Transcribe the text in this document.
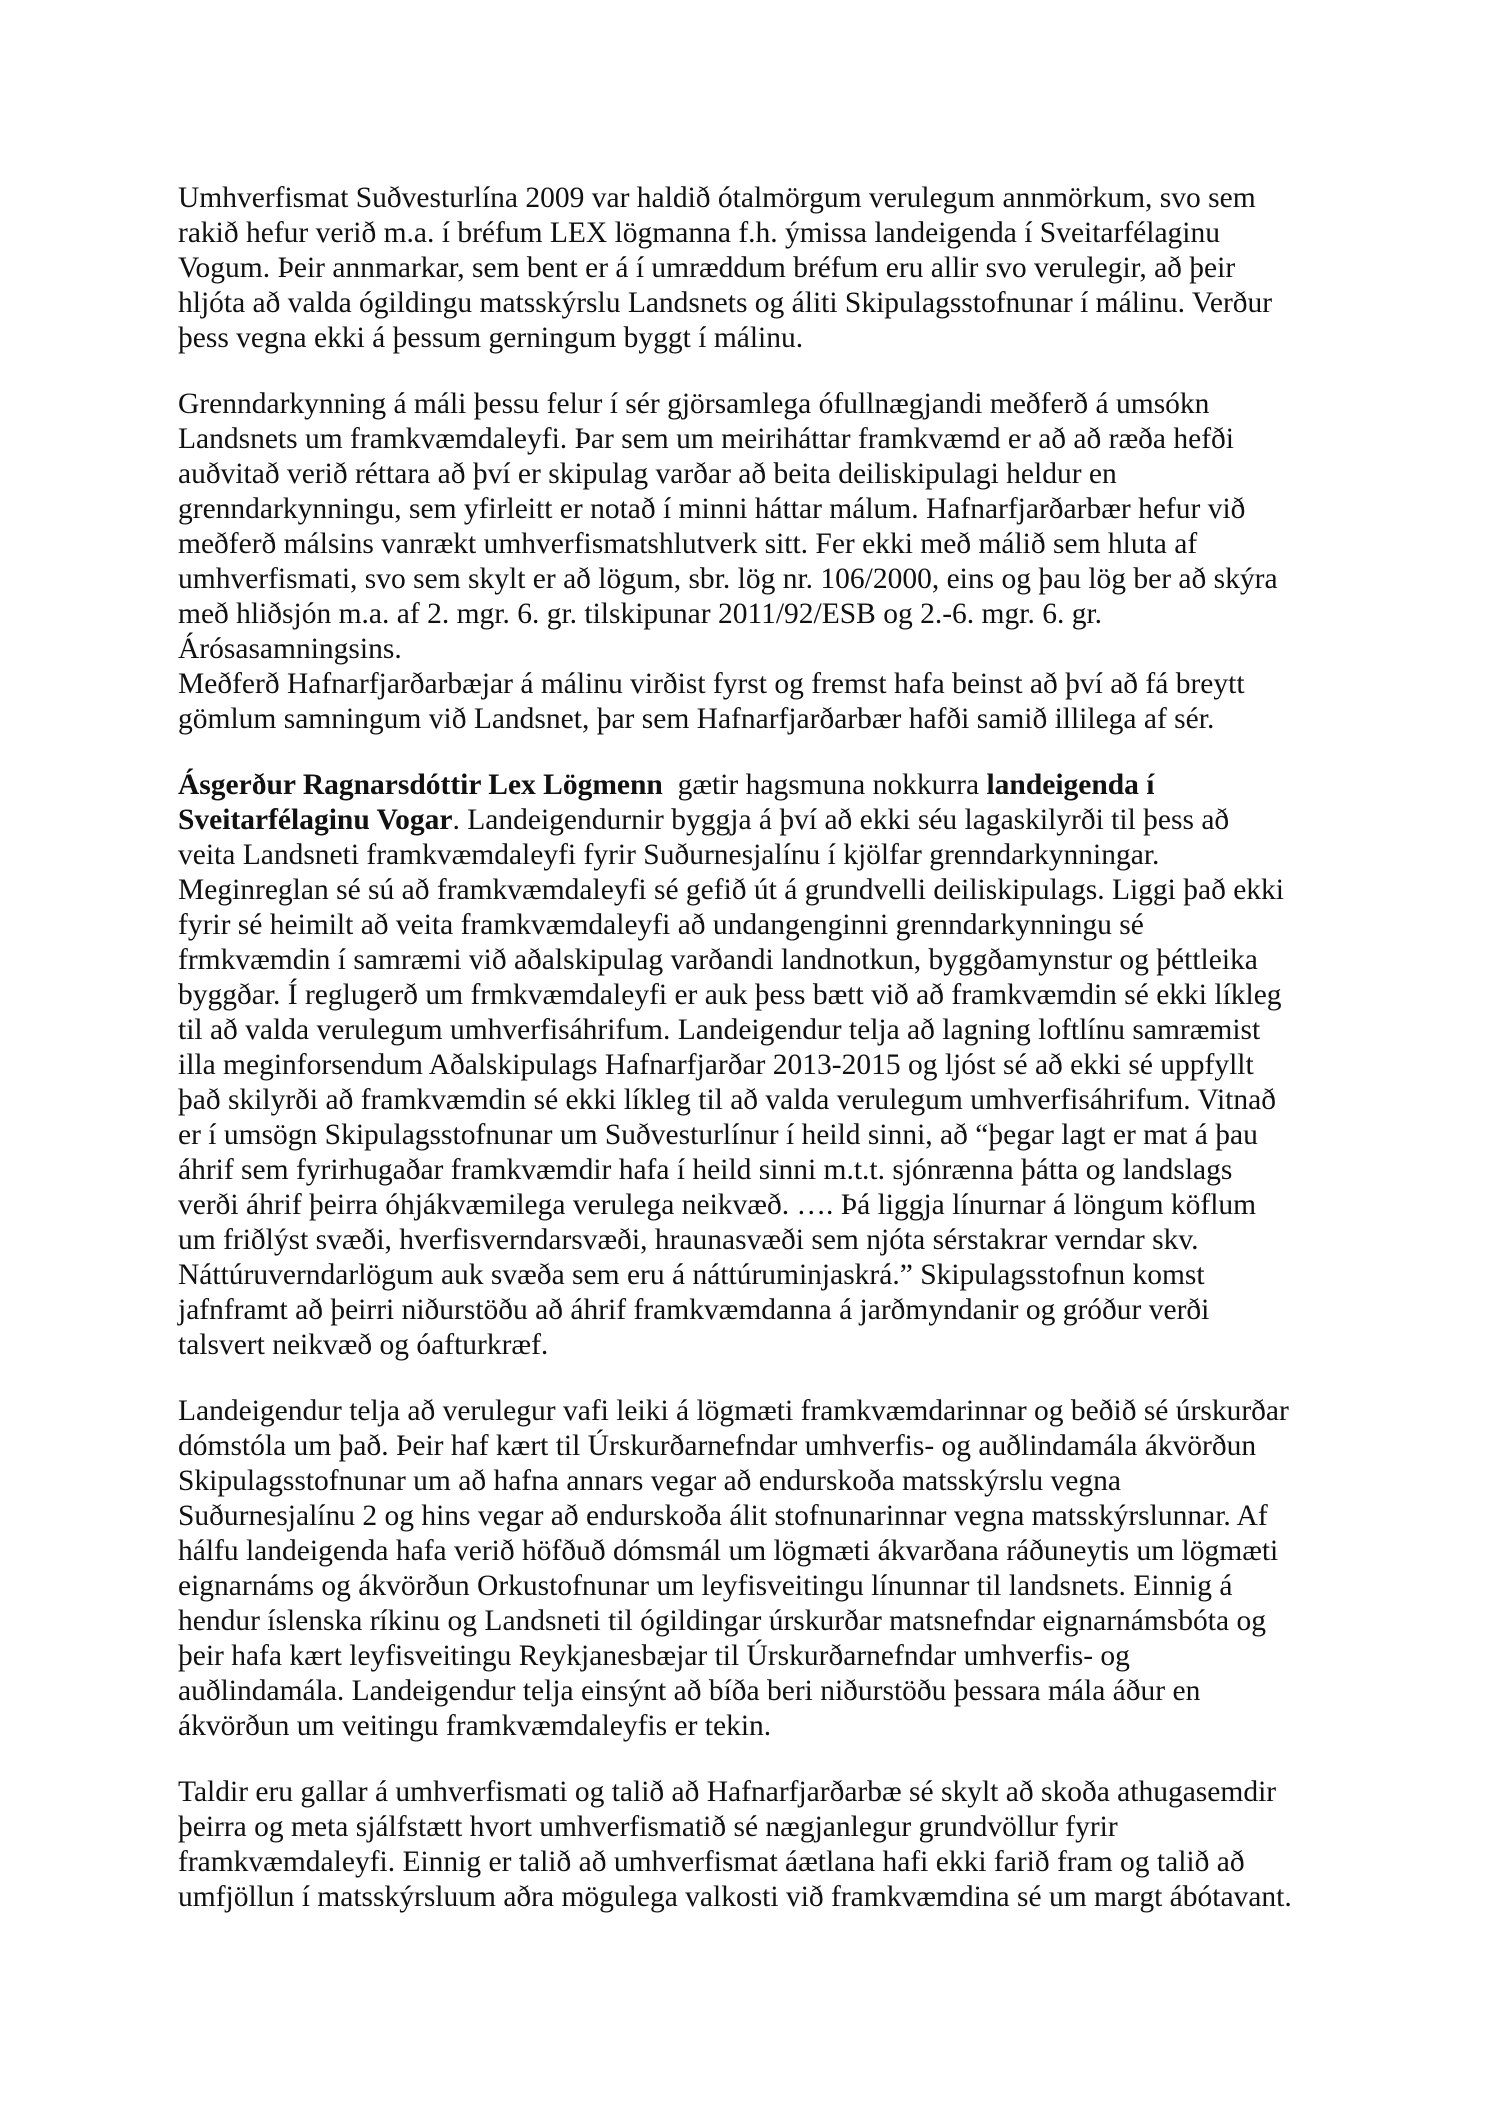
Umhverfismat Suðvesturlína 2009 var haldið ótalmörgum verulegum annmörkum, svo sem
rakið hefur verið m.a. í bréfum LEX lögmanna f.h. ýmissa landeigenda í Sveitarfélaginu
Vogum. Þeir annmarkar, sem bent er á í umræddum bréfum eru allir svo verulegir, að þeir
hljóta að valda ógildingu matsskýrslu Landsnets og áliti Skipulagsstofnunar í málinu. Verður
þess vegna ekki á þessum gerningum byggt í málinu.

Grenndarkynning á máli þessu felur í sér gjörsamlega ófullnægjandi meðferð á umsókn
Landsnets um framkvæmdaleyfi. Þar sem um meiriháttar framkvæmd er að að ræða hefði
auðvitað verið réttara að því er skipulag varðar að beita deiliskipulagi heldur en
grenndarkynningu, sem yfirleitt er notað í minni háttar málum. Hafnarfjarðarbær hefur við
meðferð málsins vanrækt umhverfismatshlutverk sitt. Fer ekki með málið sem hluta af
umhverfismati, svo sem skylt er að lögum, sbr. lög nr. 106/2000, eins og þau lög ber að skýra
með hliðsjón m.a. af 2. mgr. 6. gr. tilskipunar 2011/92/ESB og 2.-6. mgr. 6. gr.
Árósasamningsins.
Meðferð Hafnarfjarðarbæjar á málinu virðist fyrst og fremst hafa beinst að því að fá breytt
gömlum samningum við Landsnet, þar sem Hafnarfjarðarbær hafði samið illilega af sér.

Ásgerður Ragnarsdóttir Lex Lögmenn  gætir hagsmuna nokkurra landeigenda í
Sveitarfélaginu Vogar. Landeigendurnir byggja á því að ekki séu lagaskilyrði til þess að
veita Landsneti framkvæmdaleyfi fyrir Suðurnesjalínu í kjölfar grenndarkynningar.
Meginreglan sé sú að framkvæmdaleyfi sé gefið út á grundvelli deiliskipulags. Liggi það ekki
fyrir sé heimilt að veita framkvæmdaleyfi að undangenginni grenndarkynningu sé
frmkvæmdin í samræmi við aðalskipulag varðandi landnotkun, byggðamynstur og þéttleika
byggðar. Í reglugerð um frmkvæmdaleyfi er auk þess bætt við að framkvæmdin sé ekki líkleg
til að valda verulegum umhverfisáhrifum. Landeigendur telja að lagning loftlínu samræmist
illa meginforsendum Aðalskipulags Hafnarfjarðar 2013-2015 og ljóst sé að ekki sé uppfyllt
það skilyrði að framkvæmdin sé ekki líkleg til að valda verulegum umhverfisáhrifum. Vitnað
er í umsögn Skipulagsstofnunar um Suðvesturlínur í heild sinni, að “þegar lagt er mat á þau
áhrif sem fyrirhugaðar framkvæmdir hafa í heild sinni m.t.t. sjónrænna þátta og landslags
verði áhrif þeirra óhjákvæmilega verulega neikvæð. …. Þá liggja línurnar á löngum köflum
um friðlýst svæði, hverfisverndarsvæði, hraunasvæði sem njóta sérstakrar verndar skv.
Náttúruverndarlögum auk svæða sem eru á náttúruminjaskrá.” Skipulagsstofnun komst
jafnframt að þeirri niðurstöðu að áhrif framkvæmdanna á jarðmyndanir og gróður verði
talsvert neikvæð og óafturkræf.

Landeigendur telja að verulegur vafi leiki á lögmæti framkvæmdarinnar og beðið sé úrskurðar
dómstóla um það. Þeir haf kært til Úrskurðarnefndar umhverfis- og auðlindamála ákvörðun
Skipulagsstofnunar um að hafna annars vegar að endurskoða matsskýrslu vegna
Suðurnesjalínu 2 og hins vegar að endurskoða álit stofnunarinnar vegna matsskýrslunnar. Af
hálfu landeigenda hafa verið höfðuð dómsmál um lögmæti ákvarðana ráðuneytis um lögmæti
eignarnáms og ákvörðun Orkustofnunar um leyfisveitingu línunnar til landsnets. Einnig á
hendur íslenska ríkinu og Landsneti til ógildingar úrskurðar matsnefndar eignarnámsbóta og
þeir hafa kært leyfisveitingu Reykjanesbæjar til Úrskurðarnefndar umhverfis- og
auðlindamála. Landeigendur telja einsýnt að bíða beri niðurstöðu þessara mála áður en
ákvörðun um veitingu framkvæmdaleyfis er tekin.

Taldir eru gallar á umhverfismati og talið að Hafnarfjarðarbæ sé skylt að skoða athugasemdir
þeirra og meta sjálfstætt hvort umhverfismatið sé nægjanlegur grundvöllur fyrir
framkvæmdaleyfi. Einnig er talið að umhverfismat áætlana hafi ekki farið fram og talið að
umfjöllun í matsskýrsluum aðra mögulega valkosti við framkvæmdina sé um margt ábótavant.
